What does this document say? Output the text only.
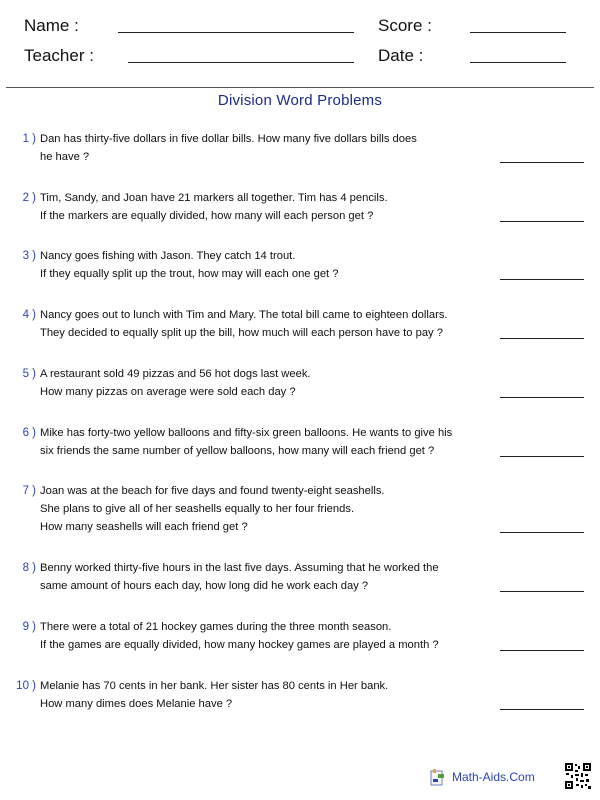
Name :	Score :
Teacher :	Date :
Division Word Problems
1 ) Dan has thirty-five dollars in five dollar bills. How many five dollars bills does
he have ?
2 ) Tim, Sandy, and Joan have 21 markers all together. Tim has 4 pencils.
If the markers are equally divided, how many will each person get ?
3 ) Nancy goes fishing with Jason. They catch 14 trout.
If they equally split up the trout, how may will each one get ?
4 ) Nancy goes out to lunch with Tim and Mary. The total bill came to eighteen dollars.
They decided to equally split up the bill, how much will each person have to pay ?
5 ) A restaurant sold 49 pizzas and 56 hot dogs last week.
How many pizzas on average were sold each day ?
6 ) Mike has forty-two yellow balloons and fifty-six green balloons. He wants to give his
six friends the same number of yellow balloons, how many will each friend get ?
7 ) Joan was at the beach for five days and found twenty-eight seashells.
She plans to give all of her seashells equally to her four friends.
How many seashells will each friend get ?
8 ) Benny worked thirty-five hours in the last five days. Assuming that he worked the
same amount of hours each day, how long did he work each day ?
9 ) There were a total of 21 hockey games during the three month season.
If the games are equally divided, how many hockey games are played a month ?
10 ) Melanie has 70 cents in her bank. Her sister has 80 cents in Her bank.
How many dimes does Melanie have ?
Math-Aids.Com
